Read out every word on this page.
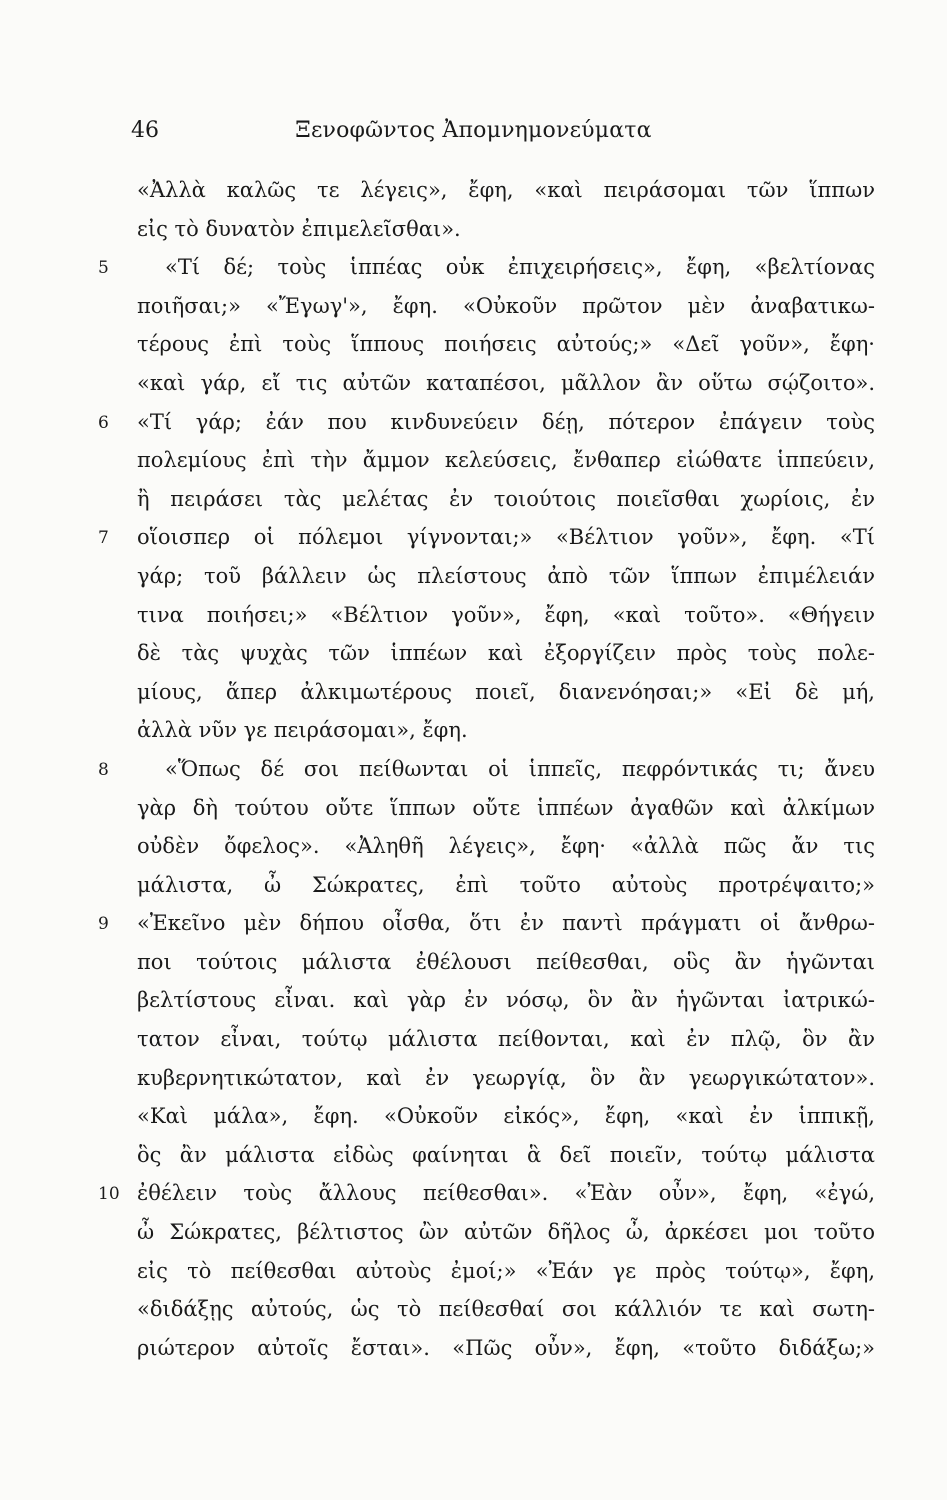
46	Ξενοφῶντος Ἀπομνημονεύματα
«Ἀλλὰ καλῶς τε λέγεις», ἔφη, «καὶ πειράσομαι τῶν ἵππων
εἰς τὸ δυνατὸν ἐπιμελεῖσθαι».
5	«Τί δέ; τοὺς ἱππέας οὐκ ἐπιχειρήσεις», ἔφη, «βελτίονας
ποιῆσαι;» «Ἔγωγ'», ἔφη. «Οὐκοῦν πρῶτον μὲν ἀναβατικω-
τέρους ἐπὶ τοὺς ἵππους ποιήσεις αὐτούς;» «Δεῖ γοῦν», ἔφη·
«καὶ γάρ, εἴ τις αὐτῶν καταπέσοι, μᾶλλον ἂν οὕτω σῴζοιτο».
6	«Τί γάρ; ἐάν που κινδυνεύειν δέῃ, πότερον ἐπάγειν τοὺς
πολεμίους ἐπὶ τὴν ἄμμον κελεύσεις, ἔνθαπερ εἰώθατε ἱππεύειν,
ἢ πειράσει τὰς μελέτας ἐν τοιούτοις ποιεῖσθαι χωρίοις, ἐν
7	οἵοισπερ οἱ πόλεμοι γίγνονται;» «Βέλτιον γοῦν», ἔφη. «Τί
γάρ; τοῦ βάλλειν ὡς πλείστους ἀπὸ τῶν ἵππων ἐπιμέλειάν
τινα ποιήσει;» «Βέλτιον γοῦν», ἔφη, «καὶ τοῦτο». «Θήγειν
δὲ τὰς ψυχὰς τῶν ἱππέων καὶ ἐξοργίζειν πρὸς τοὺς πολε-
μίους, ἅπερ ἀλκιμωτέρους ποιεῖ, διανενόησαι;» «Εἰ δὲ μή,
ἀλλὰ νῦν γε πειράσομαι», ἔφη.
8	«Ὅπως δέ σοι πείθωνται οἱ ἱππεῖς, πεφρόντικάς τι; ἄνευ
γὰρ δὴ τούτου οὔτε ἵππων οὔτε ἱππέων ἀγαθῶν καὶ ἀλκίμων
οὐδὲν ὄφελος». «Ἀληθῆ λέγεις», ἔφη· «ἀλλὰ πῶς ἄν τις
μάλιστα, ὦ Σώκρατες, ἐπὶ τοῦτο αὐτοὺς προτρέψαιτο;»
9	«Ἐκεῖνο μὲν δήπου οἶσθα, ὅτι ἐν παντὶ πράγματι οἱ ἄνθρω-
ποι τούτοις μάλιστα ἐθέλουσι πείθεσθαι, οὓς ἂν ἡγῶνται
βελτίστους εἶναι. καὶ γὰρ ἐν νόσῳ, ὃν ἂν ἡγῶνται ἰατρικώ-
τατον εἶναι, τούτῳ μάλιστα πείθονται, καὶ ἐν πλῷ, ὃν ἂν
κυβερνητικώτατον, καὶ ἐν γεωργίᾳ, ὃν ἂν γεωργικώτατον».
«Καὶ μάλα», ἔφη. «Οὐκοῦν εἰκός», ἔφη, «καὶ ἐν ἱππικῇ,
ὃς ἂν μάλιστα εἰδὼς φαίνηται ἃ δεῖ ποιεῖν, τούτῳ μάλιστα
10 ἐθέλειν τοὺς ἄλλους πείθεσθαι». «Ἐὰν οὖν», ἔφη, «ἐγώ,
ὦ Σώκρατες, βέλτιστος ὢν αὐτῶν δῆλος ὦ, ἀρκέσει μοι τοῦτο
εἰς τὸ πείθεσθαι αὐτοὺς ἐμοί;» «Ἐάν γε πρὸς τούτῳ», ἔφη,
«διδάξῃς αὐτούς, ὡς τὸ πείθεσθαί σοι κάλλιόν τε καὶ σωτη-
ριώτερον αὐτοῖς ἔσται». «Πῶς οὖν», ἔφη, «τοῦτο διδάξω;»
